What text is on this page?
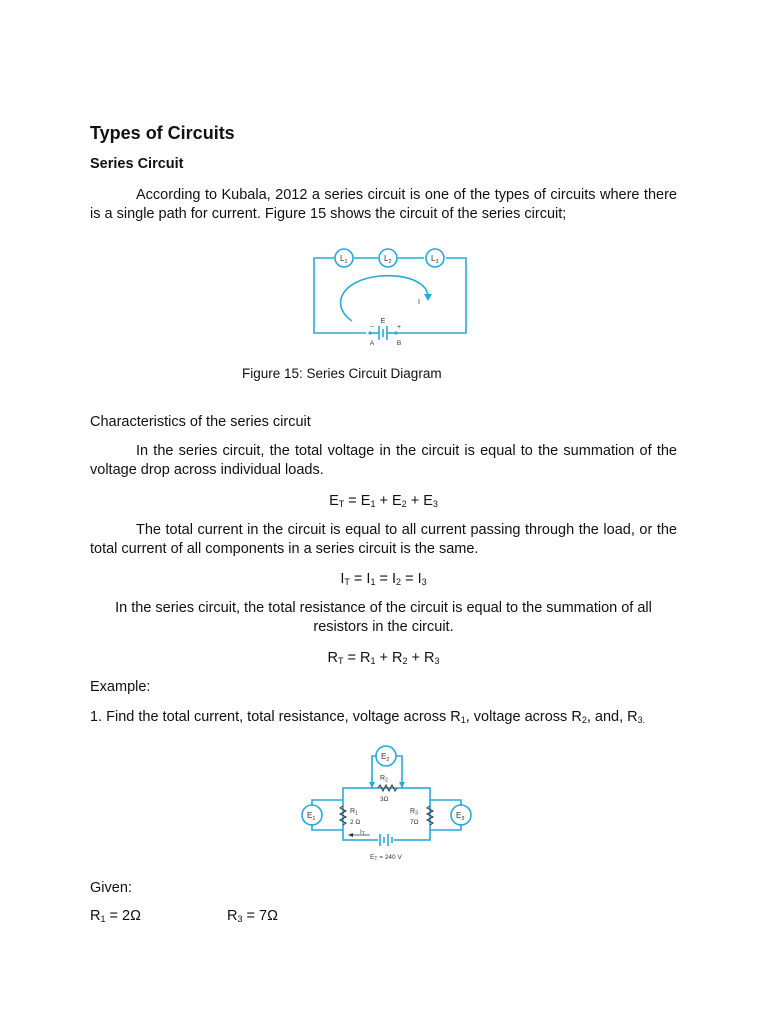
Types of Circuits
Series Circuit

According to Kubala, 2012 a series circuit is one of the types of circuits where there is a single path for current. Figure 15 shows the circuit of the series circuit;

$L_1$	$L_2$	$L_3$
I
E
−	+
A	B
Figure 15: Series Circuit Diagram
Characteristics of the series circuit

In the series circuit, the total voltage in the circuit is equal to the summation of the voltage drop across individual loads.

$E_T = E_1 + E_2 + E_3$

The total current in the circuit is equal to all current passing through the load, or the total current of all components in a series circuit is the same.

$I_T = I_1 = I_2 = I_3$

In the series circuit, the total resistance of the circuit is equal to the summation of all resistors in the circuit.

$R_T = R_1 + R_2 + R_3$
Example:
1. Find the total current, total resistance, voltage across $R_1$, voltage across $R_2$, and, $R_{3.}$
$E_2$
$E_1$	$E_3$
$R_2$
3Ω
$R_1$
2 Ω
$R_3$
7Ω
$I_T$
$E_T = 240$ V
Given:
$R_1 = 2\Omega$	$R_3 = 7\Omega$
